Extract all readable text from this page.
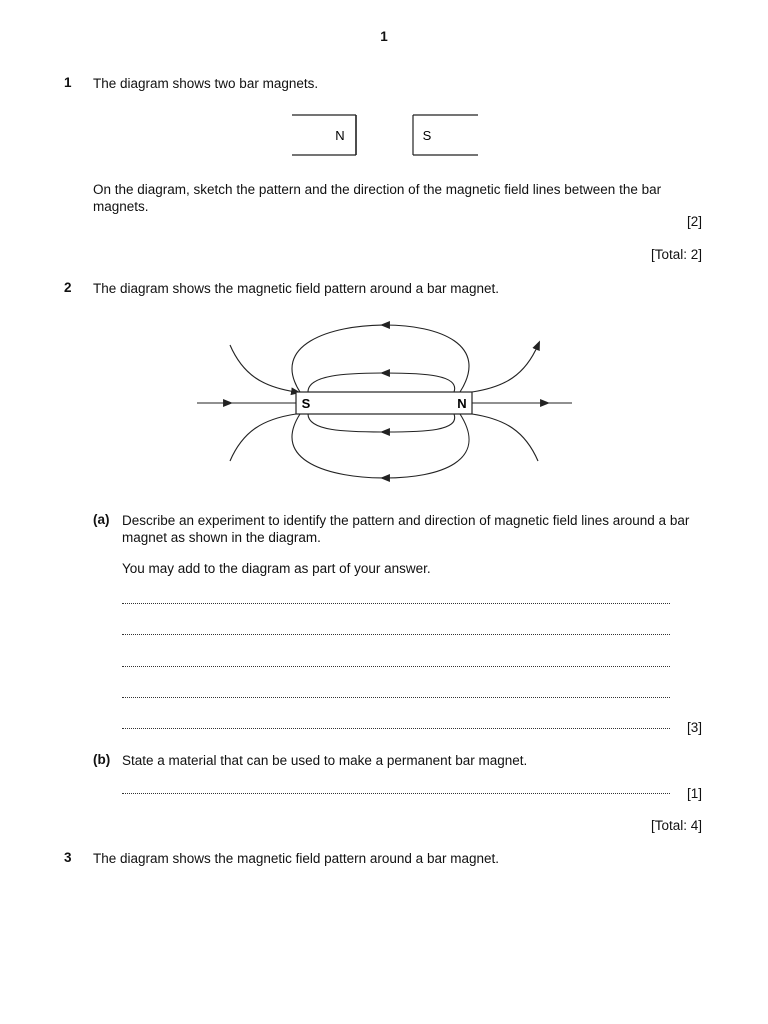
1
1 The diagram shows two bar magnets.
N	S
On the diagram, sketch the pattern and the direction of the magnetic field lines between the bar magnets.
[2]
[Total: 2]
2 The diagram shows the magnetic field pattern around a bar magnet.
S	N
(a) Describe an experiment to identify the pattern and direction of magnetic field lines around a bar magnet as shown in the diagram.
You may add to the diagram as part of your answer.
[3]
(b) State a material that can be used to make a permanent bar magnet.
[1]
[Total: 4]
3 The diagram shows the magnetic field pattern around a bar magnet.
